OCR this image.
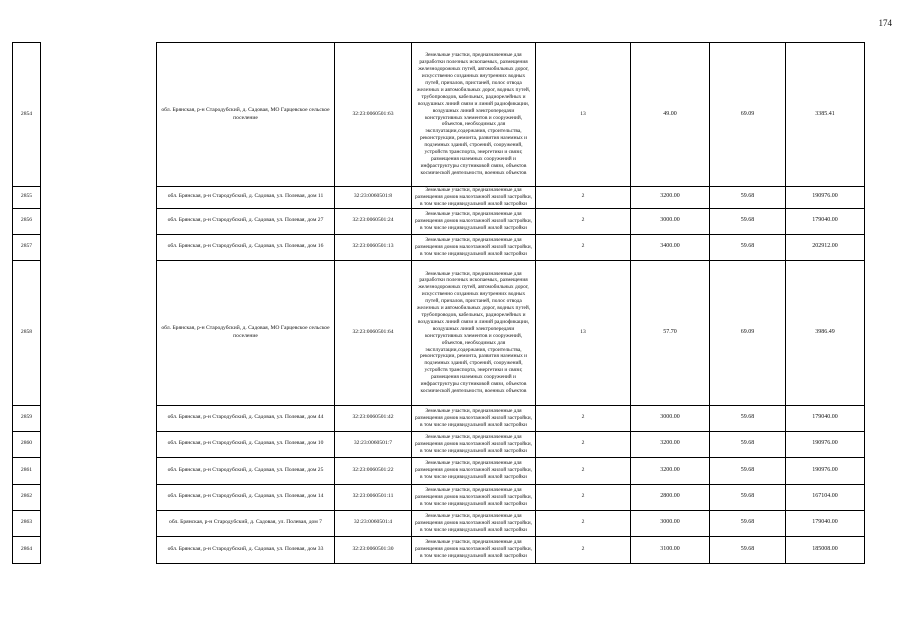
174
2854		обл. Брянская, р-н Стародубский, д. Садовая, МО Гарцевское сельское поселение	32:23:0060501:63	Земельные участки, предназначенные для разработки полезных ископаемых, размещения железнодорожных путей, автомобильных дорог, искусственно созданных внутренних водных путей, причалов, пристаней, полос отвода железных и автомобильных дорог, водных путей, трубопроводов, кабельных, радиорелейных и воздушных линий связи и линий радиофикации, воздушных линий электропередачи конструктивных элементов и сооружений, объектов, необходимых для эксплуатации,содержания, строительства, реконструкции, ремонта, развития наземных и подземных зданий, строений, сооружений, устройств транспорта, энергетики и связи; размещения наземных сооружений и инфраструктуры спутниковой связи, объектов космической деятельности, военных объектов	13	49.00	69.09	3385.41
2855		обл. Брянская, р-н Стародубский, д. Садовая, ул. Полевая, дом 11	32:23:0060501:8	Земельные участки, предназначенные для размещения домов малоэтажной жилой застройки, в том числе индивидуальной жилой застройки	2	3200.00	59.68	190976.00
2856		обл. Брянская, р-н Стародубский, д. Садовая, ул. Полевая, дом 27	32:23:0060501:24	Земельные участки, предназначенные для размещения домов малоэтажной жилой застройки, в том числе индивидуальной жилой застройки	2	3000.00	59.68	179040.00
2857		обл. Брянская, р-н Стародубский, д. Садовая, ул. Полевая, дом 16	32:23:0060501:13	Земельные участки, предназначенные для размещения домов малоэтажной жилой застройки, в том числе индивидуальной жилой застройки	2	3400.00	59.68	202912.00
2858		обл. Брянская, р-н Стародубский, д. Садовая, МО Гарцевское сельское поселение	32:23:0060501:64	Земельные участки, предназначенные для разработки полезных ископаемых, размещения железнодорожных путей, автомобильных дорог, искусственно созданных внутренних водных путей, причалов, пристаней, полос отвода железных и автомобильных дорог, водных путей, трубопроводов, кабельных, радиорелейных и воздушных линий связи и линий радиофикации, воздушных линий электропередачи конструктивных элементов и сооружений, объектов, необходимых для эксплуатации,содержания, строительства, реконструкции, ремонта, развития наземных и подземных зданий, строений, сооружений, устройств транспорта, энергетики и связи; размещения наземных сооружений и инфраструктуры спутниковой связи, объектов космической деятельности, военных объектов	13	57.70	69.09	3986.49
2859		обл. Брянская, р-н Стародубский, д. Садовая, ул. Полевая, дом 44	32:23:0060501:42	Земельные участки, предназначенные для размещения домов малоэтажной жилой застройки, в том числе индивидуальной жилой застройки	2	3000.00	59.68	179040.00
2860		обл. Брянская, р-н Стародубский, д. Садовая, ул. Полевая, дом 10	32:23:0060501:7	Земельные участки, предназначенные для размещения домов малоэтажной жилой застройки, в том числе индивидуальной жилой застройки	2	3200.00	59.68	190976.00
2861		обл. Брянская, р-н Стародубский, д. Садовая, ул. Полевая, дом 25	32:23:0060501:22	Земельные участки, предназначенные для размещения домов малоэтажной жилой застройки, в том числе индивидуальной жилой застройки	2	3200.00	59.68	190976.00
2862		обл. Брянская, р-н Стародубский, д. Садовая, ул. Полевая, дом 14	32:23:0060501:11	Земельные участки, предназначенные для размещения домов малоэтажной жилой застройки, в том числе индивидуальной жилой застройки	2	2800.00	59.68	167104.00
2863		обл. Брянская, р-н Стародубский, д. Садовая, ул. Полевая, дом 7	32:23:0060501:4	Земельные участки, предназначенные для размещения домов малоэтажной жилой застройки, в том числе индивидуальной жилой застройки	2	3000.00	59.68	179040.00
2864		обл. Брянская, р-н Стародубский, д. Садовая, ул. Полевая, дом 33	32:23:0060501:30	Земельные участки, предназначенные для размещения домов малоэтажной жилой застройки, в том числе индивидуальной жилой застройки	2	3100.00	59.68	185008.00
